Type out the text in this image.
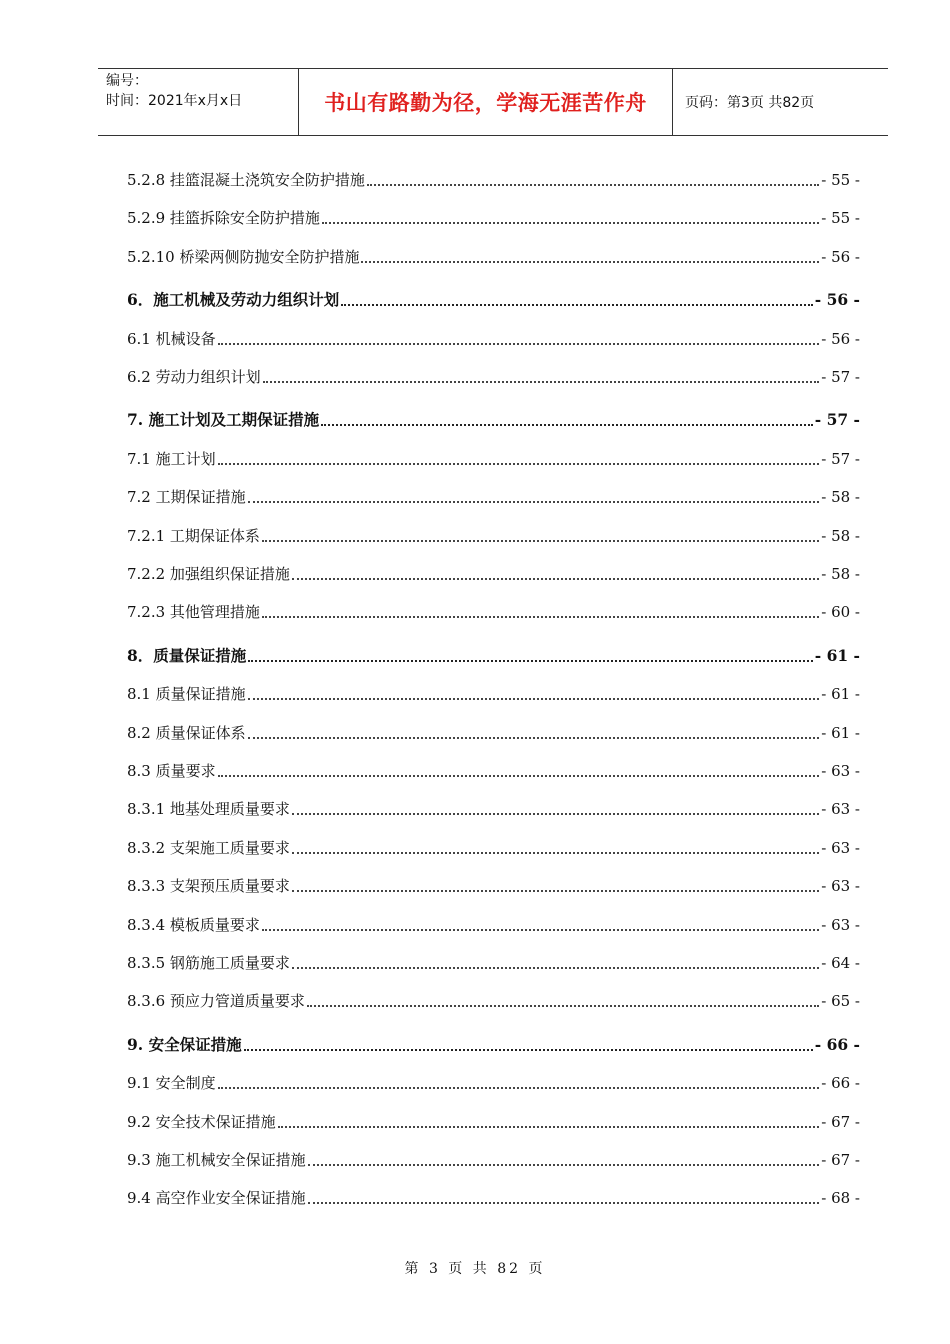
编号：
时间：2021年x月x日	书山有路勤为径，学海无涯苦作舟	页码：第3页 共82页
5.2.8 挂篮混凝土浇筑安全防护措施	- 55 -
5.2.9 挂篮拆除安全防护措施	- 55 -
5.2.10 桥梁两侧防抛安全防护措施	- 56 -
6．施工机械及劳动力组织计划	- 56 -
6.1 机械设备	- 56 -
6.2 劳动力组织计划	- 57 -
7. 施工计划及工期保证措施	- 57 -
7.1 施工计划	- 57 -
7.2 工期保证措施	- 58 -
7.2.1 工期保证体系	- 58 -
7.2.2 加强组织保证措施	- 58 -
7.2.3 其他管理措施	- 60 -
8．质量保证措施	- 61 -
8.1 质量保证措施	- 61 -
8.2 质量保证体系	- 61 -
8.3 质量要求	- 63 -
8.3.1 地基处理质量要求	- 63 -
8.3.2 支架施工质量要求	- 63 -
8.3.3 支架预压质量要求	- 63 -
8.3.4 模板质量要求	- 63 -
8.3.5 钢筋施工质量要求	- 64 -
8.3.6 预应力管道质量要求	- 65 -
9. 安全保证措施	- 66 -
9.1 安全制度	- 66 -
9.2 安全技术保证措施	- 67 -
9.3 施工机械安全保证措施	- 67 -
9.4 高空作业安全保证措施	- 68 -
第 3 页 共 82 页
